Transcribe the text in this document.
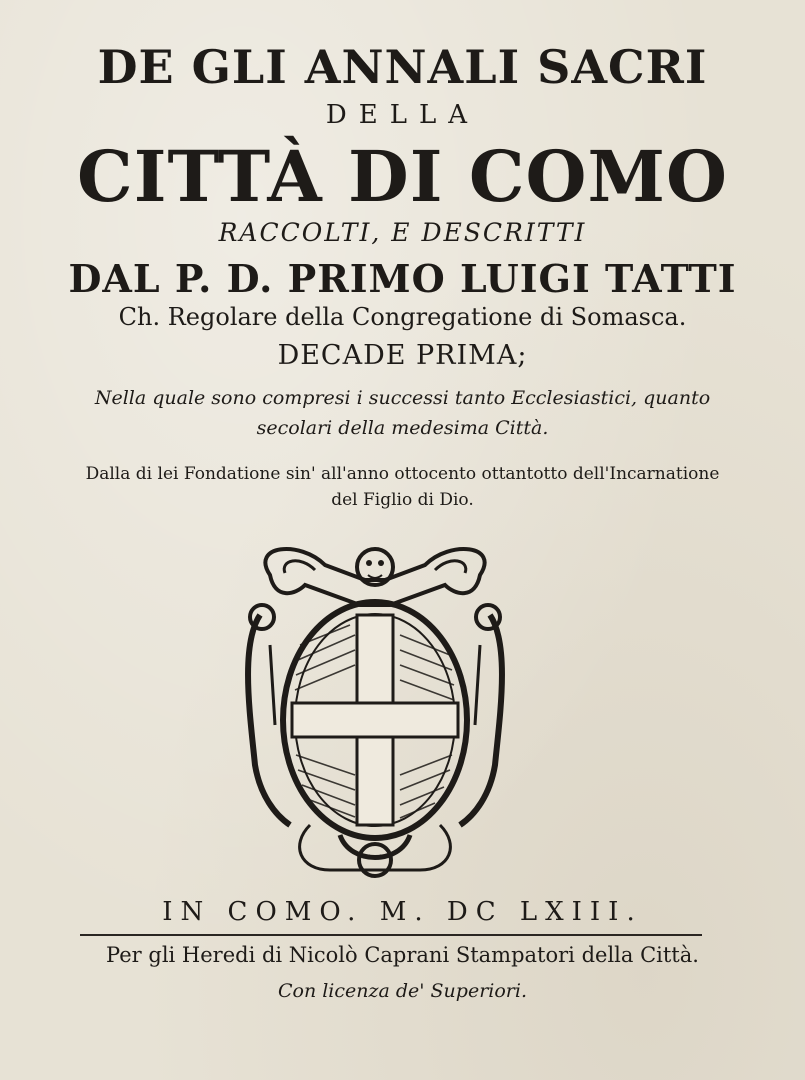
DE GLI ANNALI SACRI
DELLA
CITTÀ DI COMO
RACCOLTI, E DESCRITTI
DAL P. D. PRIMO LUIGI TATTI
Ch. Regolare della Congregatione di Somasca.
DECADE PRIMA;
Nella quale sono compresi i successi tanto Ecclesiastici, quanto
secolari della medesima Città.
Dalla di lei Fondatione sin' all'anno ottocento ottantotto dell'Incarnatione
del Figlio di Dio.
IN COMO. M. DC LXIII.
Per gli Heredi di Nicolò Caprani Stampatori della Città.
Con licenza de' Superiori.
